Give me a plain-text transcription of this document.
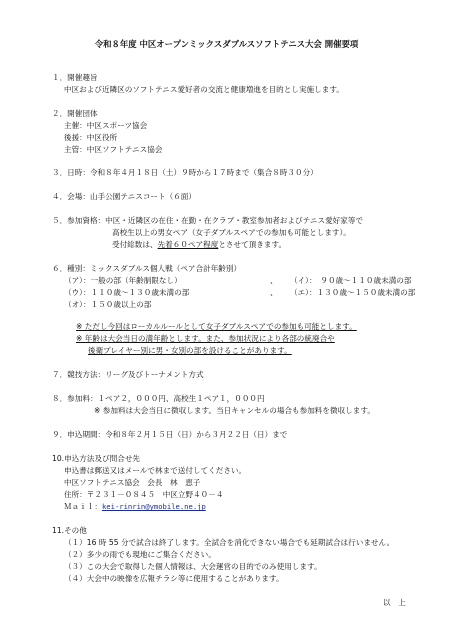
令和８年度 中区オープンミックスダブルスソフトテニス大会 開催要項
１．開催趣旨
中区および近隣区のソフトテニス愛好者の交流と健康増進を目的とし実施します。
２．開催団体
主催：中区スポーツ協会
後援：中区役所
主管：中区ソフトテニス協会
３．日時：令和８年４月１８日（土）９時から１７時まで（集合８時３０分）
４．会場：山手公園テニスコート（６面）
５．参加資格：中区・近隣区の在住・在勤・在クラブ・教室参加者およびテニス愛好家等で
高校生以上の男女ペア（女子ダブルスペアでの参加も可能とします）。
受付総数は、先着６０ペア程度とさせて頂きます。
６．種別：ミックスダブルス個人戦（ペア合計年齢別）
（ア）：一般の部（年齢制限なし）	、 （イ）：　９０歳～１１０歳未満の部
（ウ）：１１０歳～１３０歳未満の部	、 （エ）：１３０歳～１５０歳未満の部
（オ）：１５０歳以上の部
※ ただし今回はローカルルールとして女子ダブルスペアでの参加も可能とします。
※ 年齢は大会当日の満年齢とします。また、参加状況により各部の統廃合や
後衛プレイヤー別に男・女別の部を設けることがあります。
７．競技方法：リーグ及びトーナメント方式
８．参加料：１ペア２，０００円、高校生１ペア１，０００円
※ 参加料は大会当日に徴収します。当日キャンセルの場合も参加料を徴収します。
９．申込期間：令和８年２月１５日（日）から３月２２日（日）まで
10.申込方法及び問合せ先
申込書は郵送又はメールで林まで送付してください。
中区ソフトテニス協会　会長　林　恵子
住所：〒２３１－０８４５　中区立野４０－４
Ｍａｉｌ：kei-rinrin@ymobile.ne.jp
11.その他
（１）16 時 55 分で試合は終了します。全試合を消化できない場合でも延期試合は行いません。
（２）多少の雨でも現地にご集合ください。
（３）この大会で取得した個人情報は、大会運営の目的でのみ使用します。
（４）大会中の映像を広報チラシ等に使用することがあります。
以　上
